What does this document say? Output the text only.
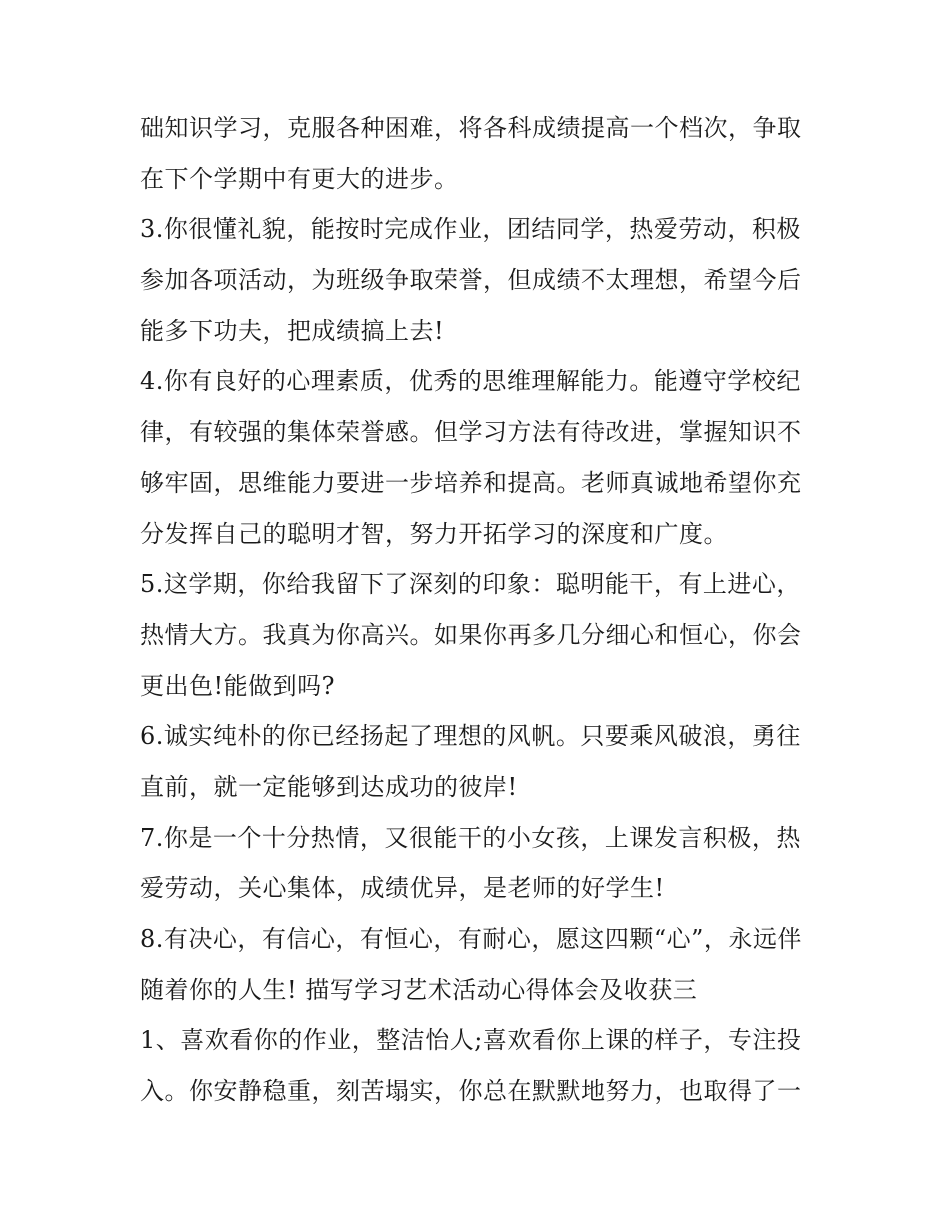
础知识学习，克服各种困难，将各科成绩提高一个档次，争取
在下个学期中有更大的进步。
3.你很懂礼貌，能按时完成作业，团结同学，热爱劳动，积极
参加各项活动，为班级争取荣誉，但成绩不太理想，希望今后
能多下功夫，把成绩搞上去!
4.你有良好的心理素质，优秀的思维理解能力。能遵守学校纪
律，有较强的集体荣誉感。但学习方法有待改进，掌握知识不
够牢固，思维能力要进一步培养和提高。老师真诚地希望你充
分发挥自己的聪明才智，努力开拓学习的深度和广度。
5.这学期，你给我留下了深刻的印象：聪明能干，有上进心，
热情大方。我真为你高兴。如果你再多几分细心和恒心，你会
更出色!能做到吗?
6.诚实纯朴的你已经扬起了理想的风帆。只要乘风破浪，勇往
直前，就一定能够到达成功的彼岸!
7.你是一个十分热情，又很能干的小女孩，上课发言积极，热
爱劳动，关心集体，成绩优异，是老师的好学生!
8.有决心，有信心，有恒心，有耐心，愿这四颗“心”，永远伴
随着你的人生! 描写学习艺术活动心得体会及收获三
1、喜欢看你的作业，整洁怡人;喜欢看你上课的样子，专注投
入。你安静稳重，刻苦塌实，你总在默默地努力，也取得了一
